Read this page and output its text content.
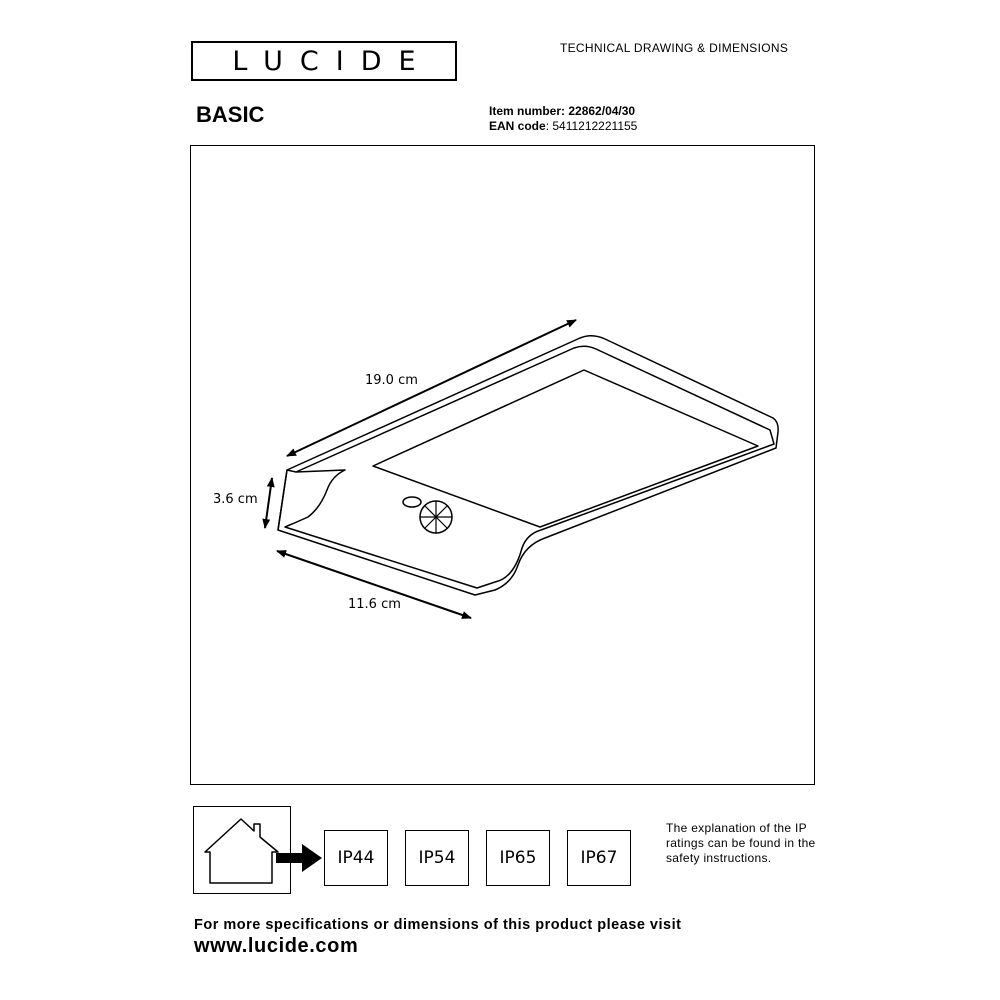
LUCIDE	TECHNICAL DRAWING & DIMENSIONS
BASIC	Item number: 22862/04/30
EAN code: 5411212221155
19.0 cm
3.6 cm
11.6 cm
IP44	IP54	IP65	IP67
The explanation of the IP ratings can be found in the safety instructions.
For more specifications or dimensions of this product please visit
www.lucide.com
